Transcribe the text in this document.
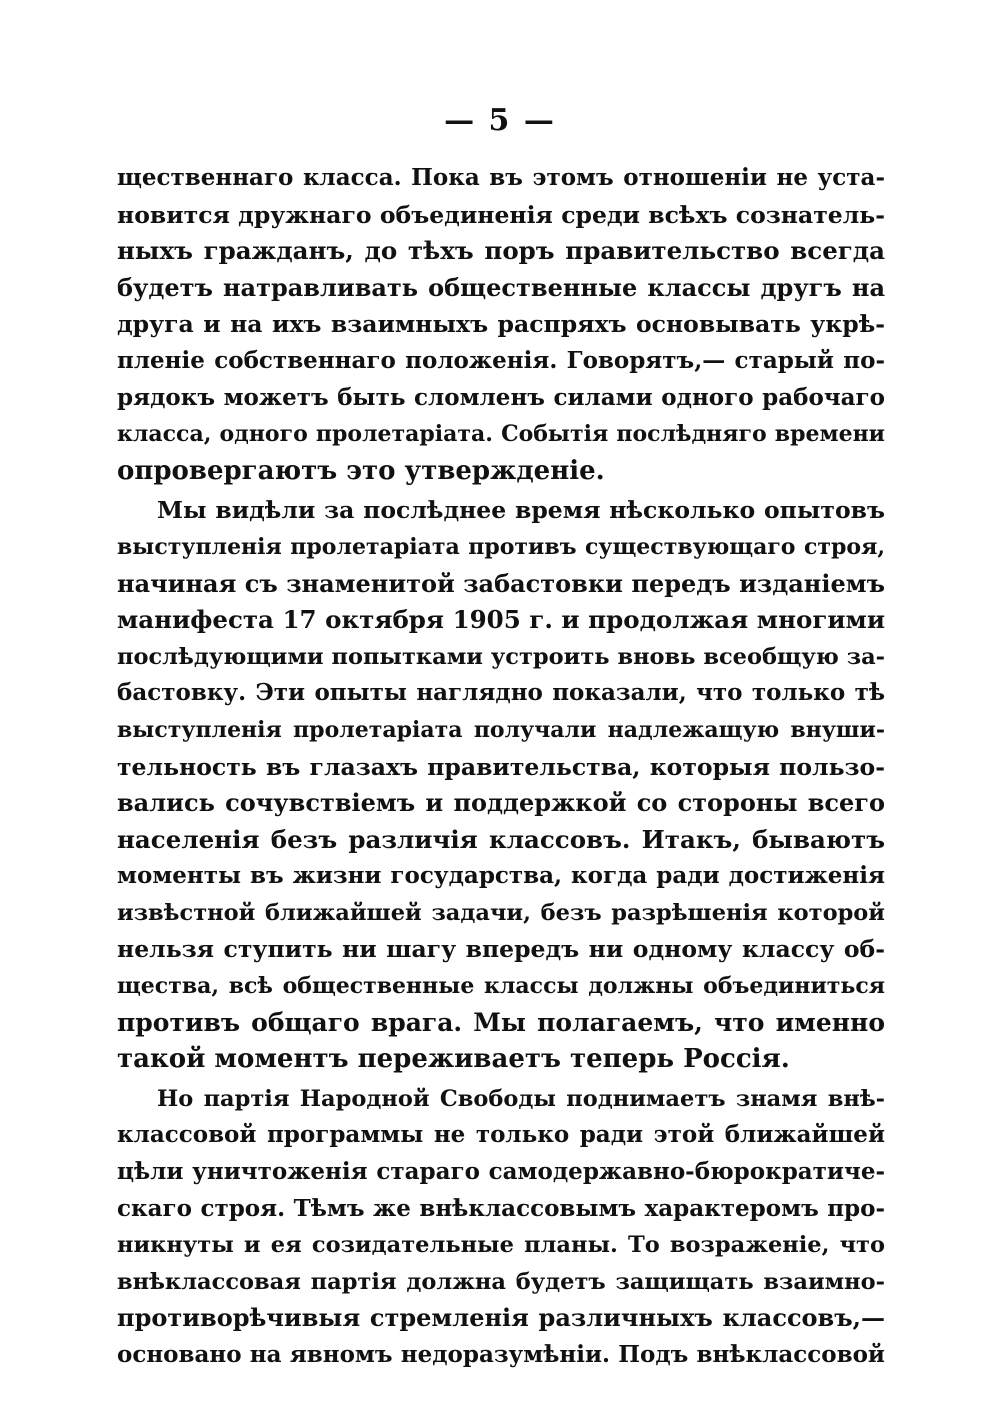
— 5 —
щественнаго класса. Пока въ этомъ отношеніи не уста-
новится дружнаго объединенія среди всѣхъ сознатель-
ныхъ гражданъ, до тѣхъ поръ правительство всегда
будетъ натравливать общественные классы другъ на
друга и на ихъ взаимныхъ распряхъ основывать укрѣ-
пленіе собственнаго положенія. Говорятъ,— старый по-
рядокъ можетъ быть сломленъ силами одного рабочаго
класса, одного пролетаріата. Событія послѣдняго времени
опровергаютъ это утвержденіе.
Мы видѣли за послѣднее время нѣсколько опытовъ
выступленія пролетаріата противъ существующаго строя,
начиная съ знаменитой забастовки передъ изданіемъ
манифеста 17 октября 1905 г. и продолжая многими
послѣдующими попытками устроить вновь всеобщую за-
бастовку. Эти опыты наглядно показали, что только тѣ
выступленія пролетаріата получали надлежащую внуши-
тельность въ глазахъ правительства, которыя пользо-
вались сочувствіемъ и поддержкой со стороны всего
населенія безъ различія классовъ. Итакъ, бываютъ
моменты въ жизни государства, когда ради достиженія
извѣстной ближайшей задачи, безъ разрѣшенія которой
нельзя ступить ни шагу впередъ ни одному классу об-
щества, всѣ общественные классы должны объединиться
противъ общаго врага. Мы полагаемъ, что именно
такой моментъ переживаетъ теперь Россія.
Но партія Народной Свободы поднимаетъ знамя внѣ-
классовой программы не только ради этой ближайшей
цѣли уничтоженія стараго самодержавно-бюрократиче-
скаго строя. Тѣмъ же внѣклассовымъ характеромъ про-
никнуты и ея созидательные планы. То возраженіе, что
внѣклассовая партія должна будетъ защищать взаимно-
противорѣчивыя стремленія различныхъ классовъ,—
основано на явномъ недоразумѣніи. Подъ внѣклассовой
